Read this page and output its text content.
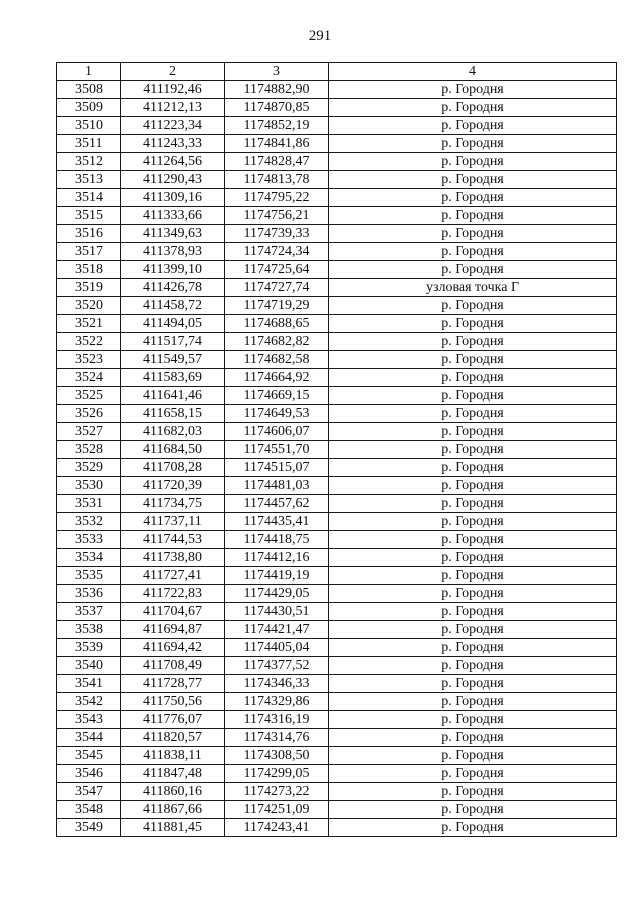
291
1	2	3	4
3508	411192,46	1174882,90	р. Городня
3509	411212,13	1174870,85	р. Городня
3510	411223,34	1174852,19	р. Городня
3511	411243,33	1174841,86	р. Городня
3512	411264,56	1174828,47	р. Городня
3513	411290,43	1174813,78	р. Городня
3514	411309,16	1174795,22	р. Городня
3515	411333,66	1174756,21	р. Городня
3516	411349,63	1174739,33	р. Городня
3517	411378,93	1174724,34	р. Городня
3518	411399,10	1174725,64	р. Городня
3519	411426,78	1174727,74	узловая точка Г
3520	411458,72	1174719,29	р. Городня
3521	411494,05	1174688,65	р. Городня
3522	411517,74	1174682,82	р. Городня
3523	411549,57	1174682,58	р. Городня
3524	411583,69	1174664,92	р. Городня
3525	411641,46	1174669,15	р. Городня
3526	411658,15	1174649,53	р. Городня
3527	411682,03	1174606,07	р. Городня
3528	411684,50	1174551,70	р. Городня
3529	411708,28	1174515,07	р. Городня
3530	411720,39	1174481,03	р. Городня
3531	411734,75	1174457,62	р. Городня
3532	411737,11	1174435,41	р. Городня
3533	411744,53	1174418,75	р. Городня
3534	411738,80	1174412,16	р. Городня
3535	411727,41	1174419,19	р. Городня
3536	411722,83	1174429,05	р. Городня
3537	411704,67	1174430,51	р. Городня
3538	411694,87	1174421,47	р. Городня
3539	411694,42	1174405,04	р. Городня
3540	411708,49	1174377,52	р. Городня
3541	411728,77	1174346,33	р. Городня
3542	411750,56	1174329,86	р. Городня
3543	411776,07	1174316,19	р. Городня
3544	411820,57	1174314,76	р. Городня
3545	411838,11	1174308,50	р. Городня
3546	411847,48	1174299,05	р. Городня
3547	411860,16	1174273,22	р. Городня
3548	411867,66	1174251,09	р. Городня
3549	411881,45	1174243,41	р. Городня
